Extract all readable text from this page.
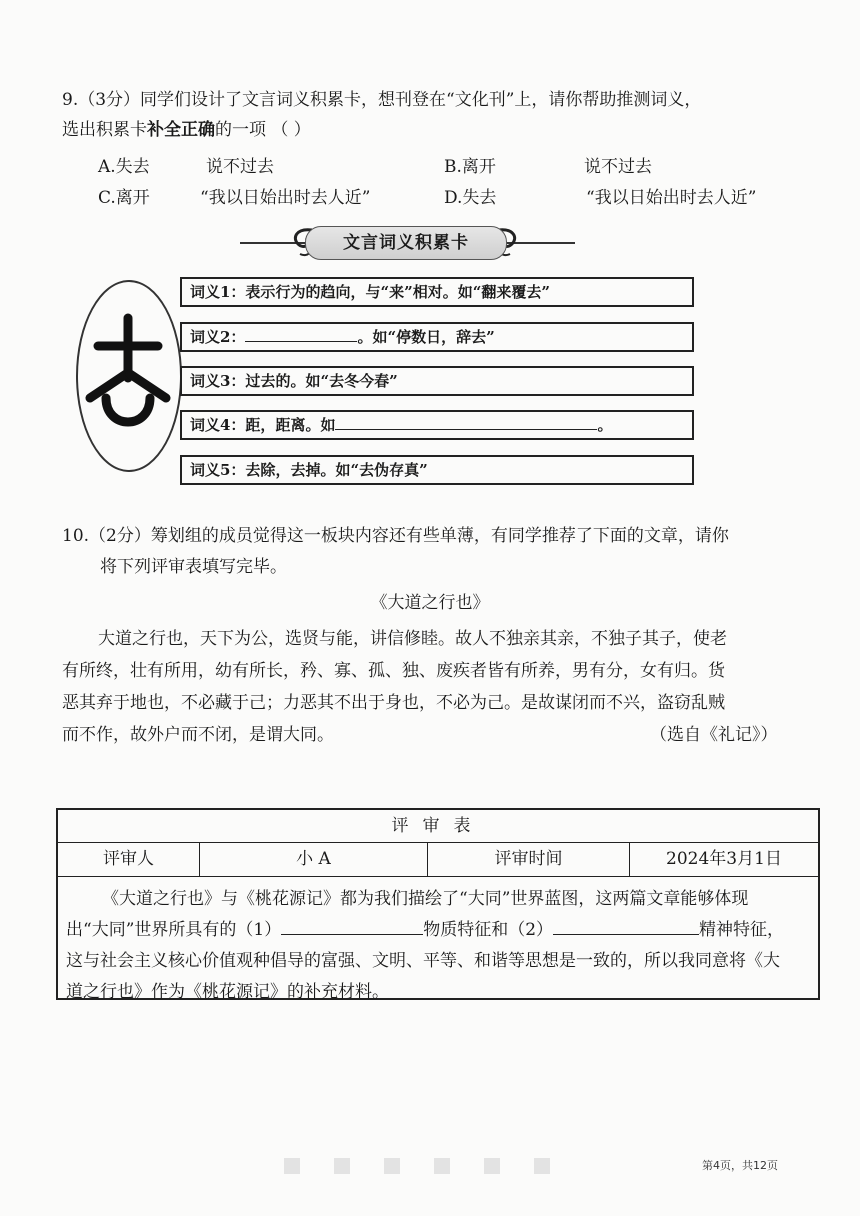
9.（3分）同学们设计了文言词义积累卡，想刊登在“文化刊”上，请你帮助推测词义，
选出积累卡补全正确的一项 （ ）
A.失去	说不过去	B.离开	说不过去
C.离开	“我以日始出时去人近”	D.失去	“我以日始出时去人近”
文言词义积累卡
词义1：表示行为的趋向，与“来”相对。如“翻来覆去”
词义2：	。如“停数日，辞去”
词义3：过去的。如“去冬今春”
词义4：距，距离。如	。
词义5：去除，去掉。如“去伪存真”
10.（2分）筹划组的成员觉得这一板块内容还有些单薄，有同学推荐了下面的文章，请你
将下列评审表填写完毕。
《大道之行也》
大道之行也，天下为公，选贤与能，讲信修睦。故人不独亲其亲，不独子其子，使老
有所终，壮有所用，幼有所长，矜、寡、孤、独、废疾者皆有所养，男有分，女有归。货
恶其弃于地也，不必藏于己；力恶其不出于身也，不必为己。是故谋闭而不兴，盗窃乱贼
而不作，故外户而不闭，是谓大同。	（选自《礼记》）
评审表
评审人	小 A	评审时间	2024年3月1日
《大道之行也》与《桃花源记》都为我们描绘了“大同”世界蓝图，这两篇文章能够体现
出“大同”世界所具有的（1）	物质特征和（2）	精神特征，
这与社会主义核心价值观种倡导的富强、文明、平等、和谐等思想是一致的，所以我同意将《大
道之行也》作为《桃花源记》的补充材料。
第4页，共12页
